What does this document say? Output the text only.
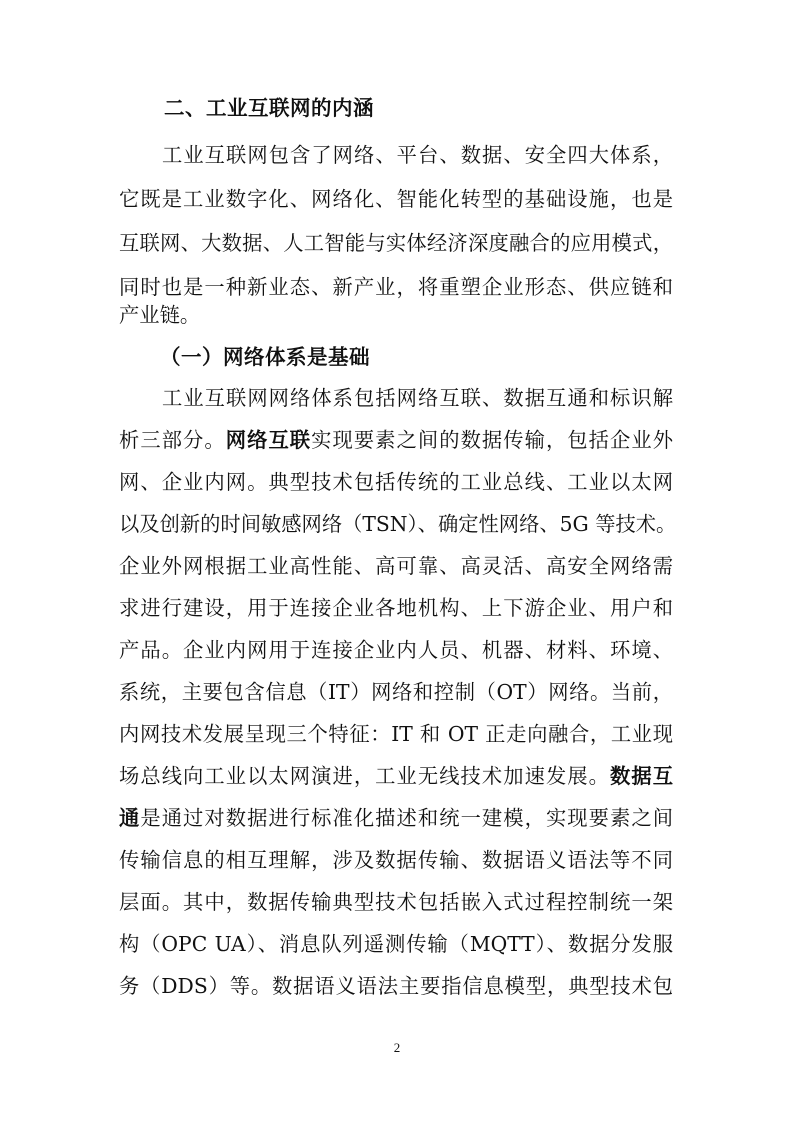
二、工业互联网的内涵
工业互联网包含了网络、平台、数据、安全四大体系，
它既是工业数字化、网络化、智能化转型的基础设施，也是
互联网、大数据、人工智能与实体经济深度融合的应用模式，
同时也是一种新业态、新产业，将重塑企业形态、供应链和
产业链。
（一）网络体系是基础
工业互联网网络体系包括网络互联、数据互通和标识解
析三部分。网络互联实现要素之间的数据传输，包括企业外
网、企业内网。典型技术包括传统的工业总线、工业以太网
以及创新的时间敏感网络（TSN）、确定性网络、5G 等技术。
企业外网根据工业高性能、高可靠、高灵活、高安全网络需
求进行建设，用于连接企业各地机构、上下游企业、用户和
产品。企业内网用于连接企业内人员、机器、材料、环境、
系统，主要包含信息（IT）网络和控制（OT）网络。当前，
内网技术发展呈现三个特征：IT 和 OT 正走向融合，工业现
场总线向工业以太网演进，工业无线技术加速发展。数据互
通是通过对数据进行标准化描述和统一建模，实现要素之间
传输信息的相互理解，涉及数据传输、数据语义语法等不同
层面。其中，数据传输典型技术包括嵌入式过程控制统一架
构（OPC UA）、消息队列遥测传输（MQTT）、数据分发服
务（DDS）等。数据语义语法主要指信息模型，典型技术包
2
